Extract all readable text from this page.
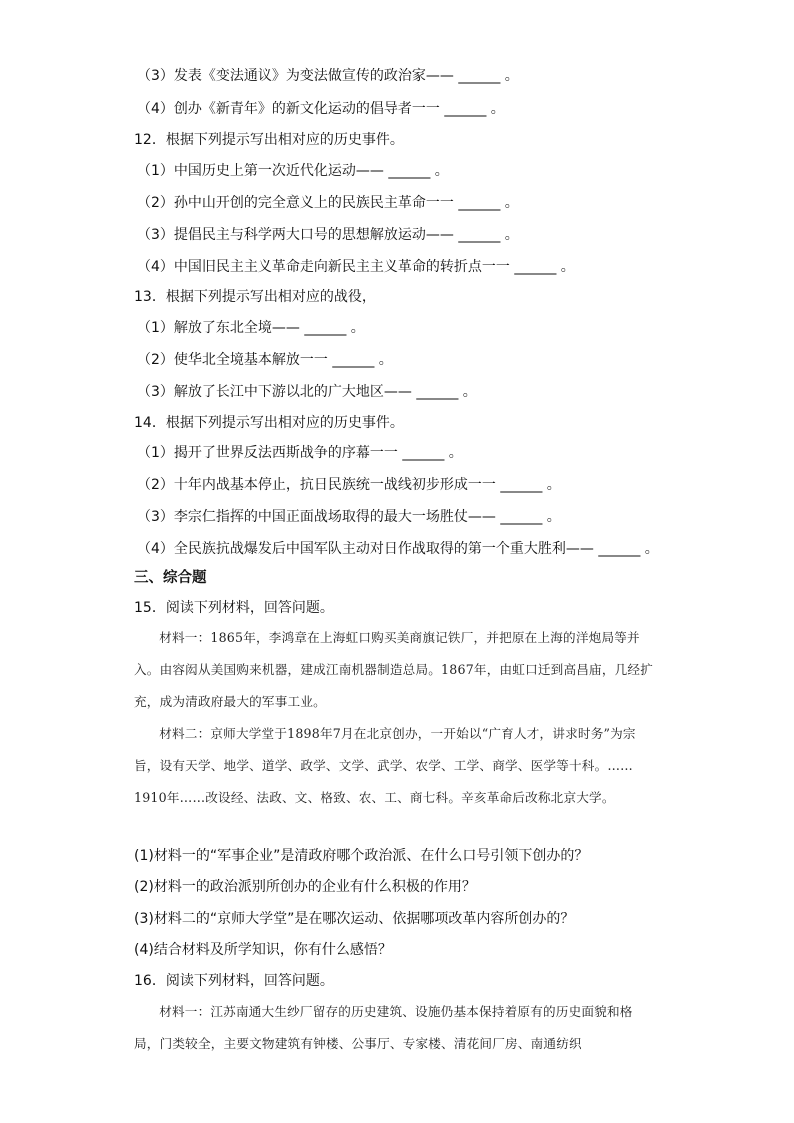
（3）发表《变法通议》为变法做宣传的政治家—— ______ 。
（4）创办《新青年》的新文化运动的倡导者一一 ______ 。
12．根据下列提示写出相对应的历史事件。
（1）中国历史上第一次近代化运动—— ______ 。
（2）孙中山开创的完全意义上的民族民主革命一一 ______ 。
（3）提倡民主与科学两大口号的思想解放运动—— ______ 。
（4）中国旧民主主义革命走向新民主主义革命的转折点一一 ______ 。
13．根据下列提示写出相对应的战役，
（1）解放了东北全境—— ______ 。
（2）使华北全境基本解放一一 ______ 。
（3）解放了长江中下游以北的广大地区—— ______ 。
14．根据下列提示写出相对应的历史事件。
（1）揭开了世界反法西斯战争的序幕一一 ______ 。
（2）十年内战基本停止，抗日民族统一战线初步形成一一 ______ 。
（3）李宗仁指挥的中国正面战场取得的最大一场胜仗—— ______ 。
（4）全民族抗战爆发后中国军队主动对日作战取得的第一个重大胜利—— ______ 。
三、综合题
15．阅读下列材料，回答问题。
材料一：1865年，李鸿章在上海虹口购买美商旗记铁厂，并把原在上海的洋炮局等并入。由容闳从美国购来机器，建成江南机器制造总局。1867年，由虹口迁到高昌庙，几经扩充，成为清政府最大的军事工业。
材料二：京师大学堂于1898年7月在北京创办，一开始以“广育人才，讲求时务”为宗旨，设有天学、地学、道学、政学、文学、武学、农学、工学、商学、医学等十科。……1910年……改设经、法政、文、格致、农、工、商七科。辛亥革命后改称北京大学。
(1)材料一的“军事企业”是清政府哪个政治派、在什么口号引领下创办的？
(2)材料一的政治派别所创办的企业有什么积极的作用？
(3)材料二的“京师大学堂”是在哪次运动、依据哪项改革内容所创办的？
(4)结合材料及所学知识，你有什么感悟？
16．阅读下列材料，回答问题。
材料一：江苏南通大生纱厂留存的历史建筑、设施仍基本保持着原有的历史面貌和格局，门类较全，主要文物建筑有钟楼、公事厅、专家楼、清花间厂房、南通纺织
